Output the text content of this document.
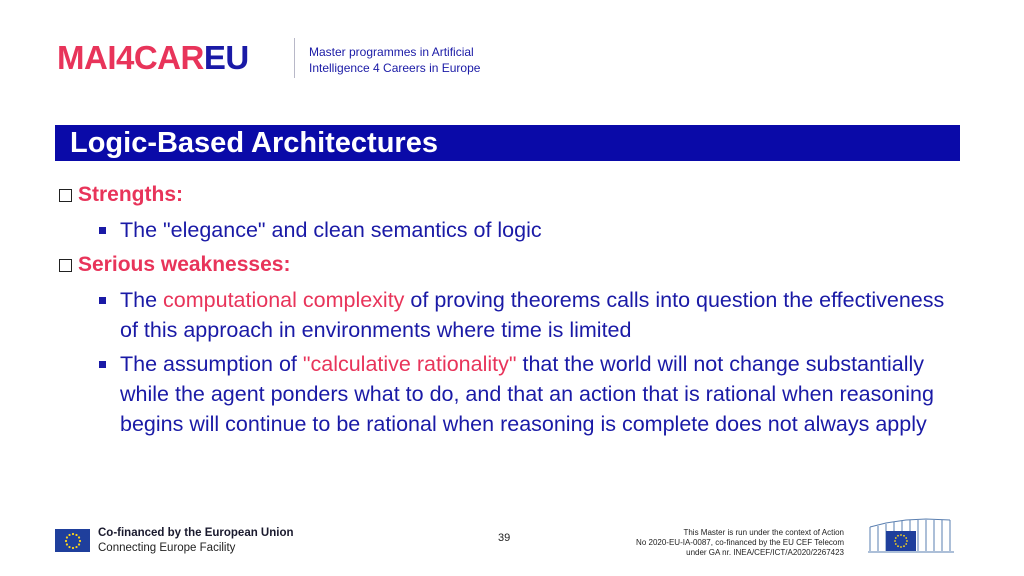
MAI4CAREU	Master programmes in Artificial
Intelligence 4 Careers in Europe
Logic-Based Architectures
Strengths:
The "elegance" and clean semantics of logic
Serious weaknesses:
The computational complexity of proving theorems calls into question the effectiveness of this approach in environments where time is limited
The assumption of "calculative rationality" that the world will not change substantially while the agent ponders what to do, and that an action that is rational when reasoning begins will continue to be rational when reasoning is complete does not always apply
Co-financed by the European Union
Connecting Europe Facility
39	This Master is run under the context of Action
No 2020-EU-IA-0087, co-financed by the EU CEF Telecom
under GA nr. INEA/CEF/ICT/A2020/2267423
